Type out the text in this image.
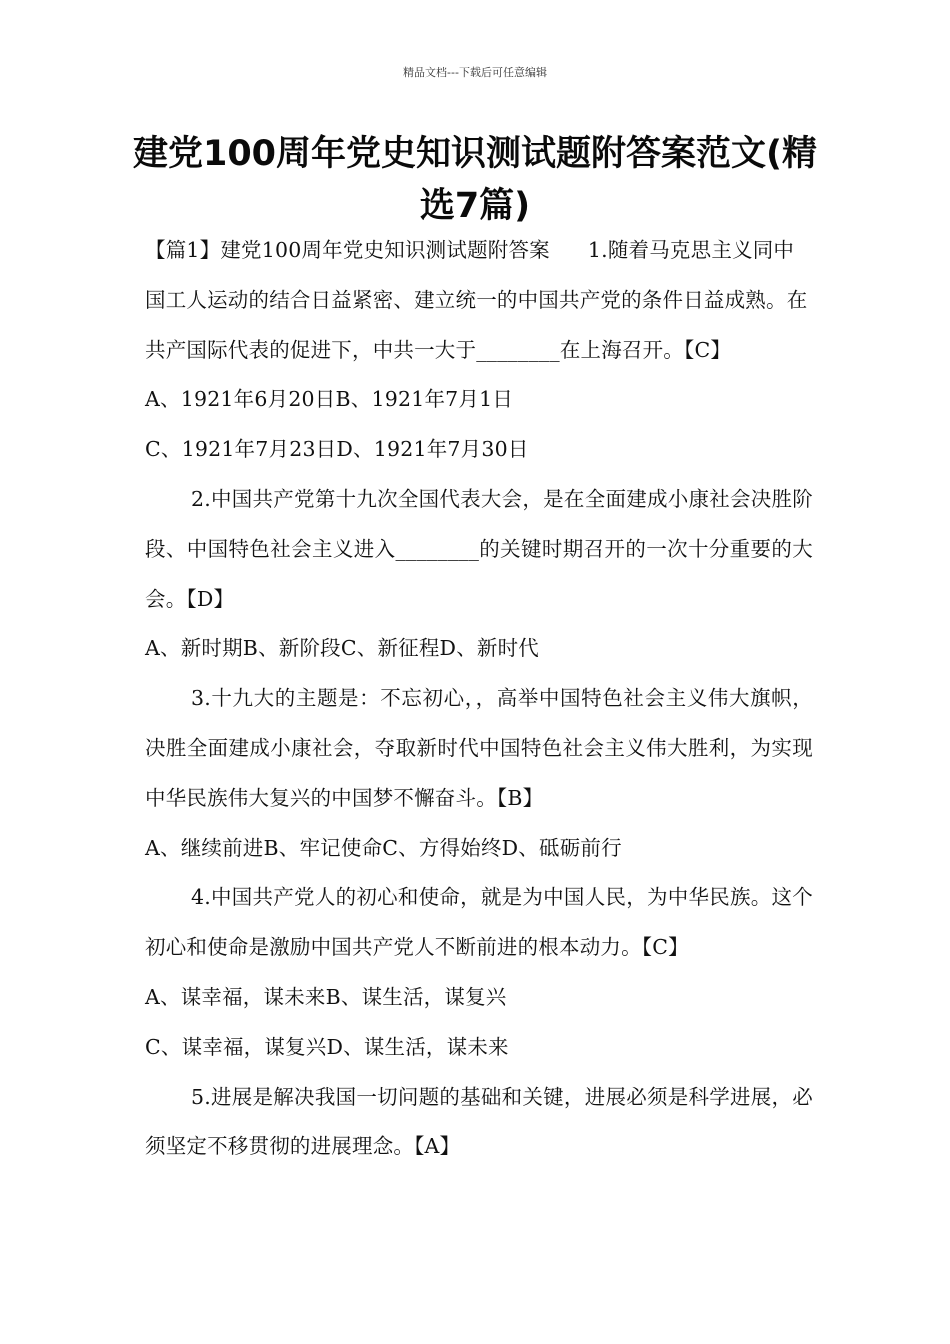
精品文档---下载后可任意编辑
建党100周年党史知识测试题附答案范文(精选7篇)

【篇1】建党100周年党史知识测试题附答案 1.随着马克思主义同中国工人运动的结合日益紧密、建立统一的中国共产党的条件日益成熟。在共产国际代表的促进下，中共一大于________在上海召开。【C】

A、1921年6月20日B、1921年7月1日

C、1921年7月23日D、1921年7月30日

2.中国共产党第十九次全国代表大会，是在全面建成小康社会决胜阶段、中国特色社会主义进入________的关键时期召开的一次十分重要的大会。【D】

A、新时期B、新阶段C、新征程D、新时代

3.十九大的主题是：不忘初心，，高举中国特色社会主义伟大旗帜，决胜全面建成小康社会，夺取新时代中国特色社会主义伟大胜利，为实现中华民族伟大复兴的中国梦不懈奋斗。【B】

A、继续前进B、牢记使命C、方得始终D、砥砺前行

4.中国共产党人的初心和使命，就是为中国人民，为中华民族。这个初心和使命是激励中国共产党人不断前进的根本动力。【C】

A、谋幸福，谋未来B、谋生活，谋复兴

C、谋幸福，谋复兴D、谋生活，谋未来

5.进展是解决我国一切问题的基础和关键，进展必须是科学进展，必须坚定不移贯彻的进展理念。【A】
